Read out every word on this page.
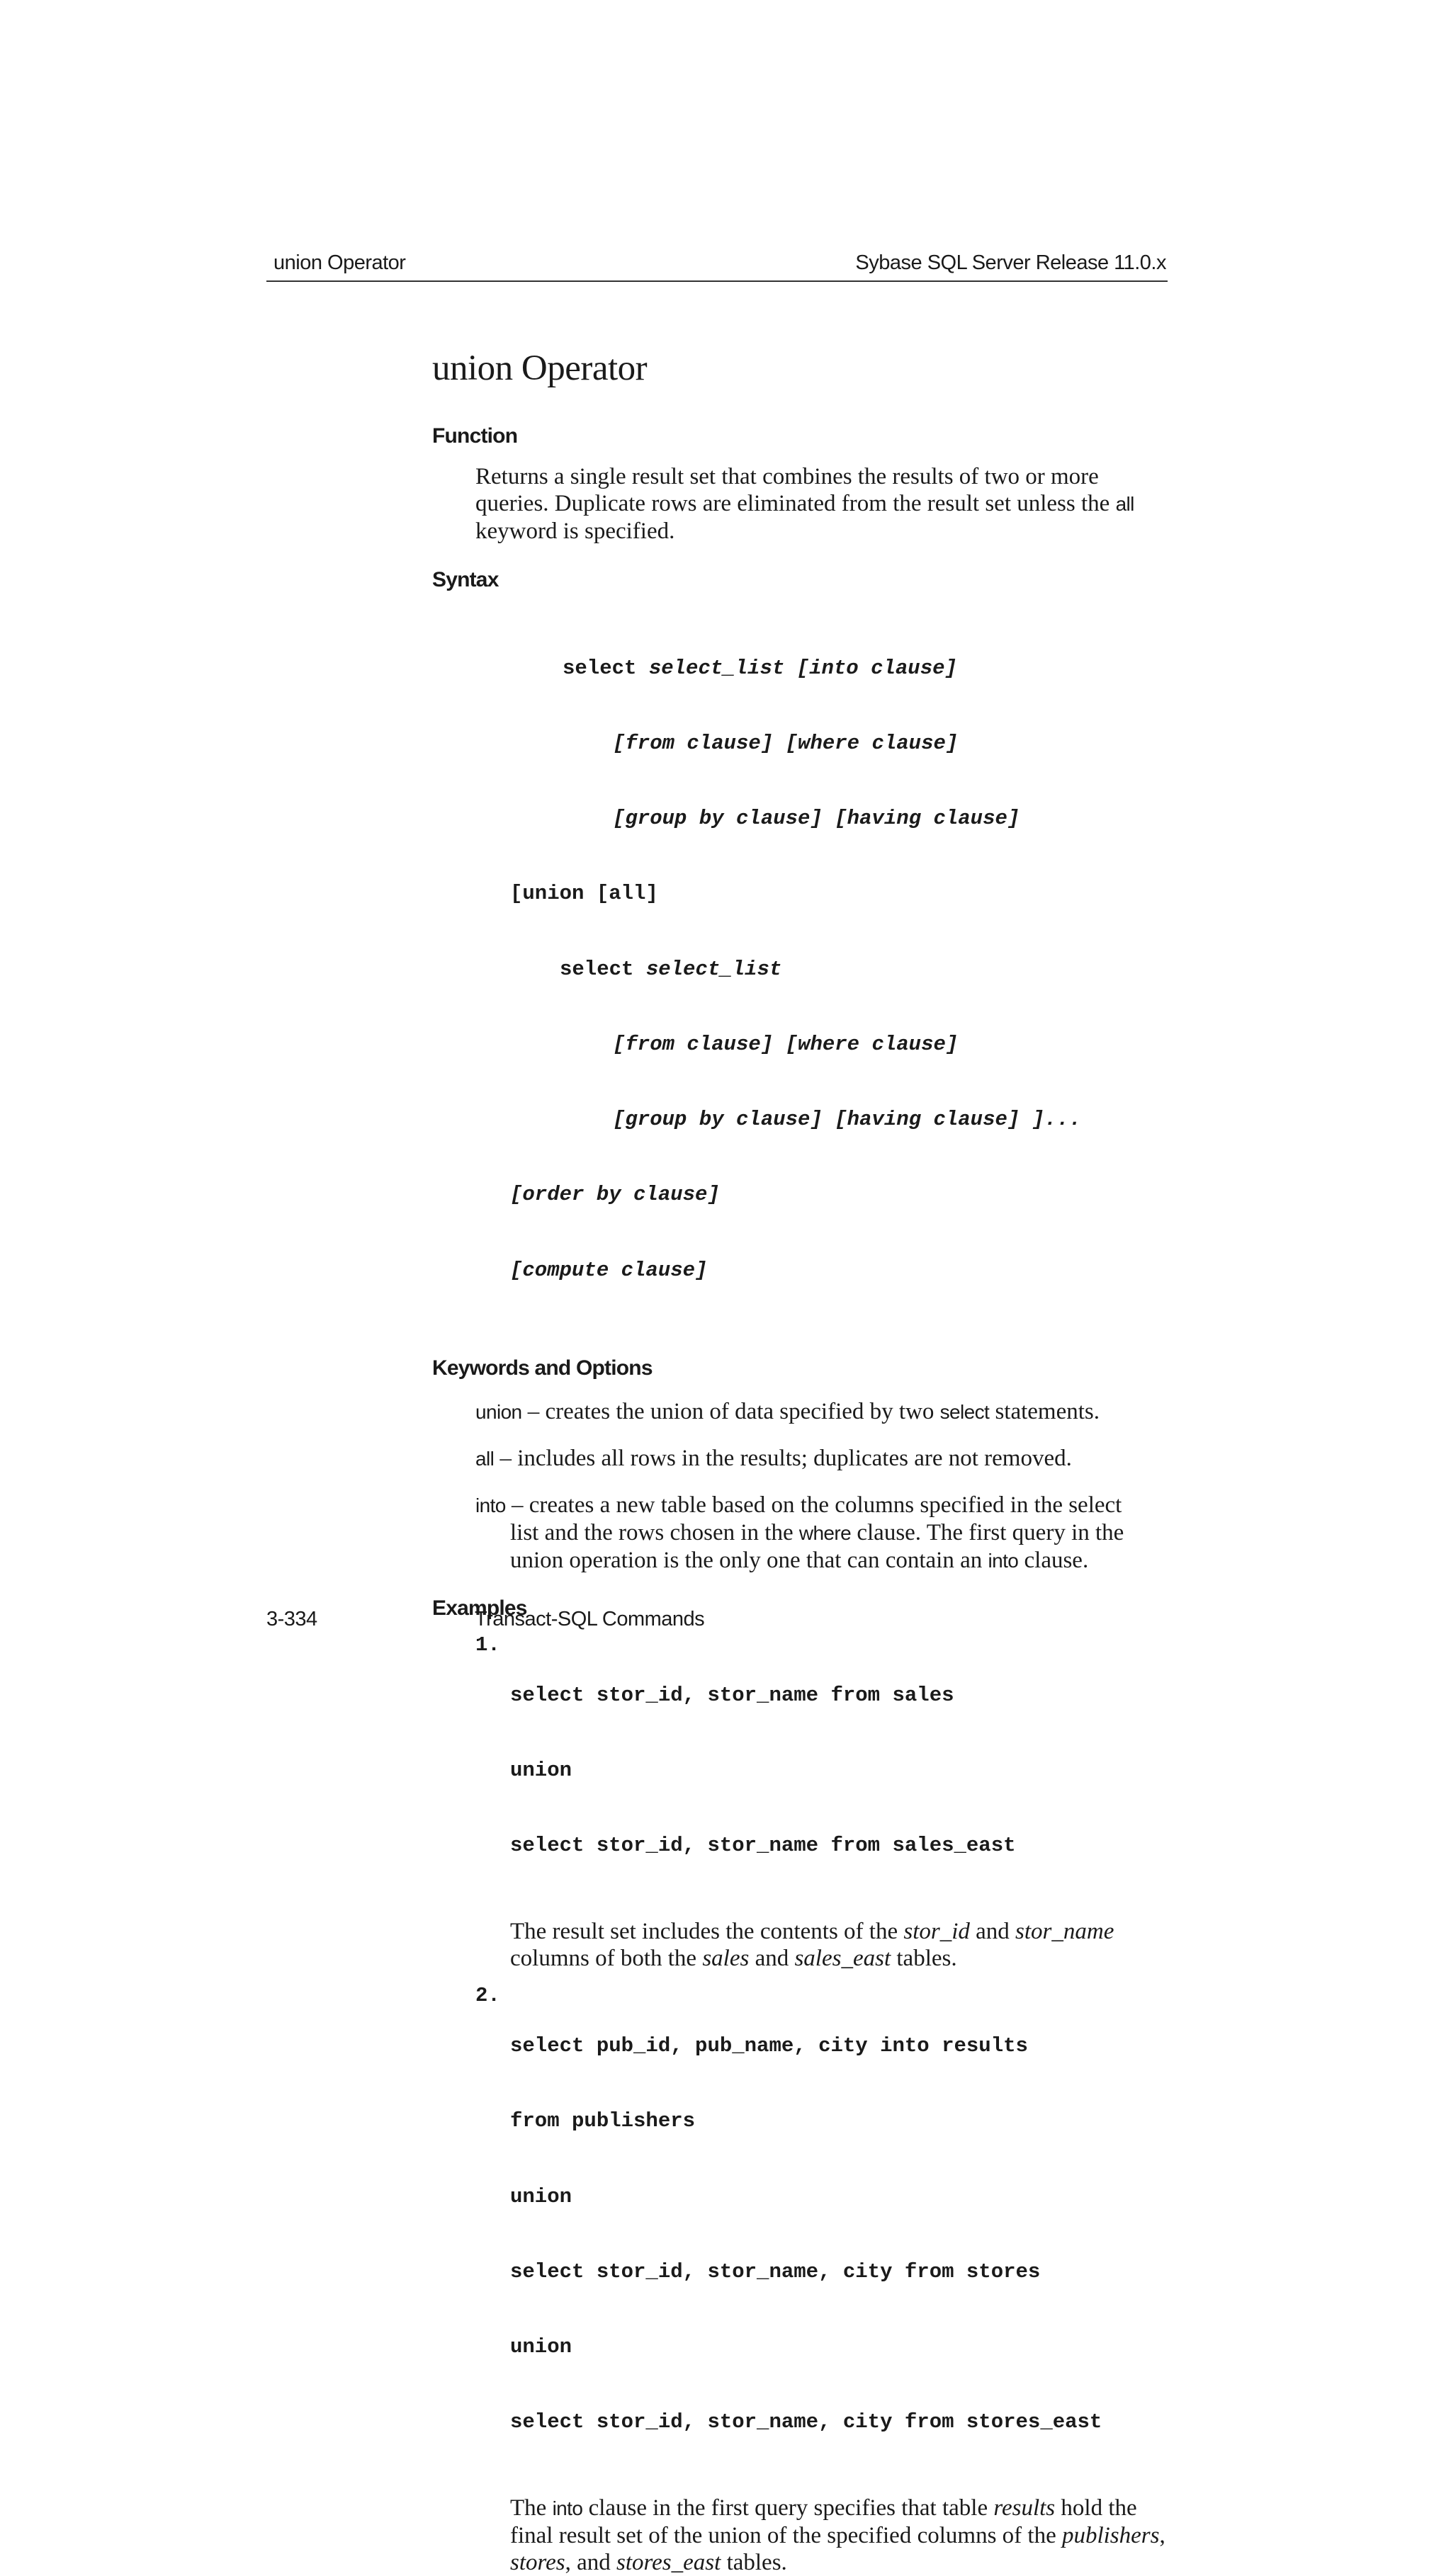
union Operator	Sybase SQL Server Release 11.0.x
union Operator
Function

Returns a single result set that combines the results of two or more queries. Duplicate rows are eliminated from the result set unless the all keyword is specified.

Syntax

select select_list [into clause]

[from clause] [where clause]

[group by clause] [having clause]

[union [all]

select select_list

[from clause] [where clause]

[group by clause] [having clause] ]...

[order by clause]

[compute clause]

Keywords and Options

union – creates the union of data specified by two select statements.

all – includes all rows in the results; duplicates are not removed.

into – creates a new table based on the columns specified in the select
list and the rows chosen in the where clause. The first query in the union operation is the only one that can contain an into clause.

Examples
1.

select stor_id, stor_name from sales

union

select stor_id, stor_name from sales_east

The result set includes the contents of the stor_id and stor_name columns of both the sales and sales_east tables.

2.

select pub_id, pub_name, city into results

from publishers

union

select stor_id, stor_name, city from stores

union

select stor_id, stor_name, city from stores_east

The into clause in the first query specifies that table results hold the final result set of the union of the specified columns of the publishers, stores, and stores_east tables.

3-334	Transact-SQL Commands
